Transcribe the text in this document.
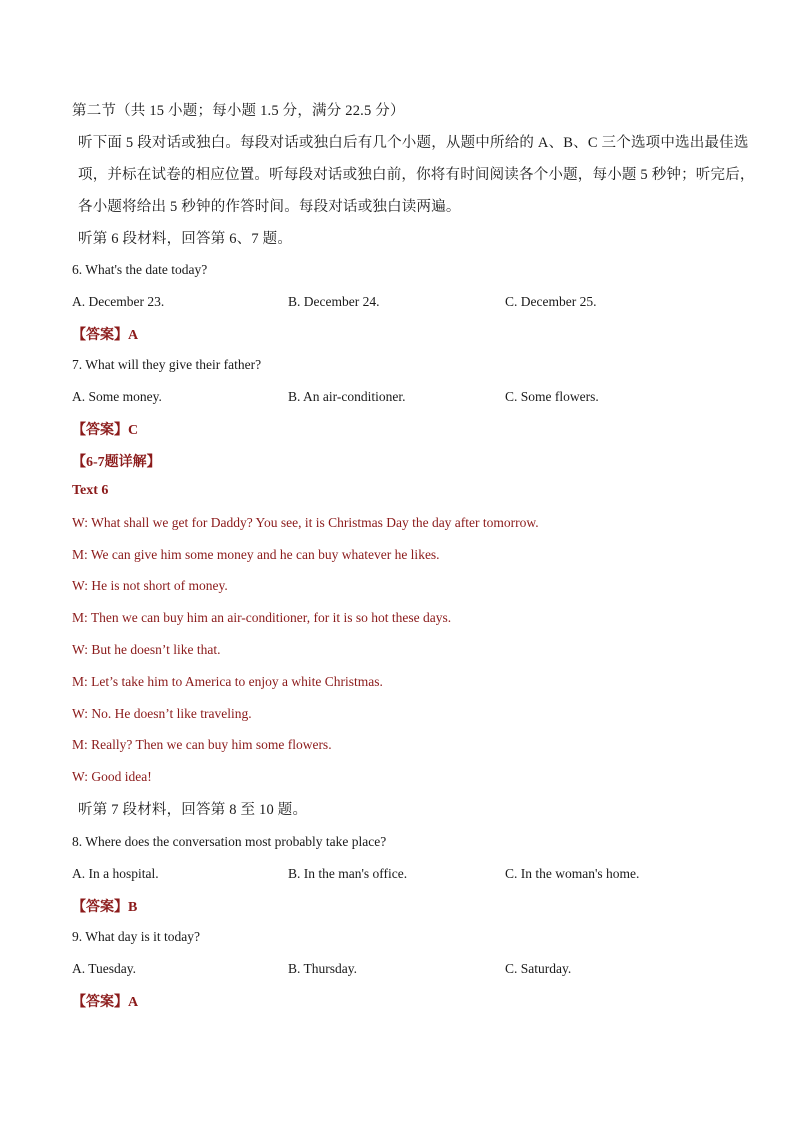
第二节（共 15 小题；每小题 1.5 分，满分 22.5 分）
听下面 5 段对话或独白。每段对话或独白后有几个小题，从题中所给的 A、B、C 三个选项中选出最佳选
项，并标在试卷的相应位置。听每段对话或独白前，你将有时间阅读各个小题，每小题 5 秒钟；听完后，
各小题将给出 5 秒钟的作答时间。每段对话或独白读两遍。
听第 6 段材料，回答第 6、7 题。
6. What's the date today?
A. December 23.	B. December 24.	C. December 25.
【答案】A
7. What will they give their father?
A. Some money.	B. An air-conditioner.	C. Some flowers.
【答案】C
【6-7题详解】
Text 6
W: What shall we get for Daddy? You see, it is Christmas Day the day after tomorrow.
M: We can give him some money and he can buy whatever he likes.
W: He is not short of money.
M: Then we can buy him an air-conditioner, for it is so hot these days.
W: But he doesn’t like that.
M: Let’s take him to America to enjoy a white Christmas.
W: No. He doesn’t like traveling.
M: Really? Then we can buy him some flowers.
W: Good idea!
听第 7 段材料，回答第 8 至 10 题。
8. Where does the conversation most probably take place?
A. In a hospital.	B. In the man's office.	C. In the woman's home.
【答案】B
9. What day is it today?
A. Tuesday.	B. Thursday.	C. Saturday.
【答案】A
